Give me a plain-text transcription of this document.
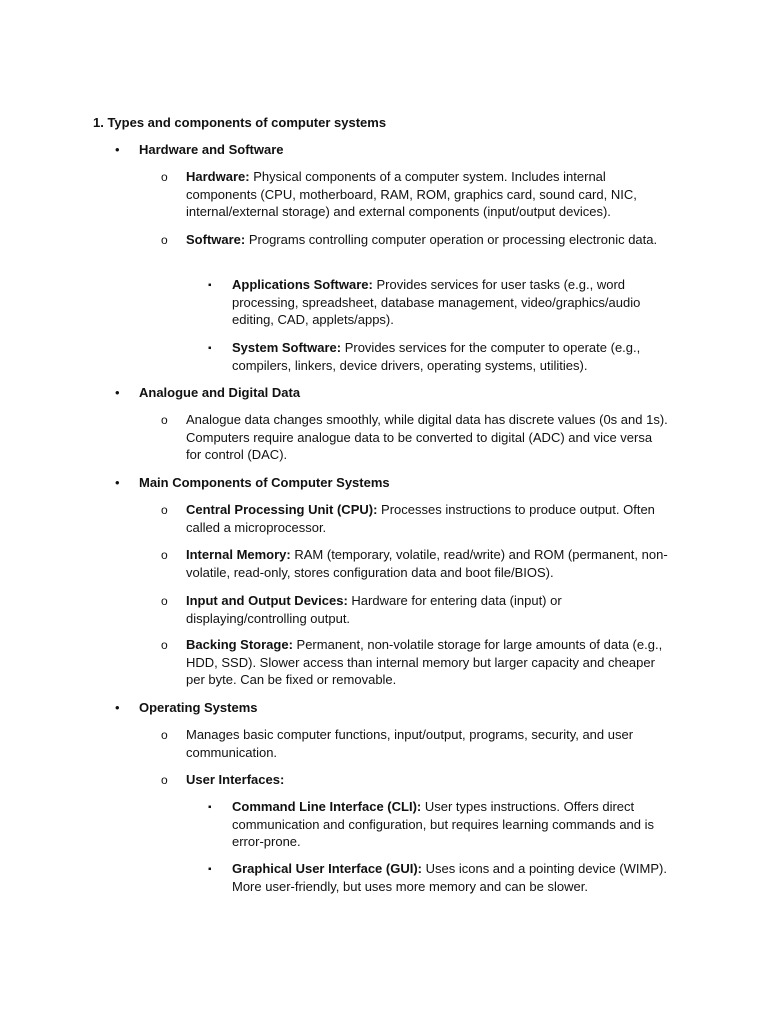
1. Types and components of computer systems
• Hardware and Software
o Hardware: Physical components of a computer system. Includes internal components (CPU, motherboard, RAM, ROM, graphics card, sound card, NIC, internal/external storage) and external components (input/output devices).
o Software: Programs controlling computer operation or processing electronic data.
▪ Applications Software: Provides services for user tasks (e.g., word processing, spreadsheet, database management, video/graphics/audio editing, CAD, applets/apps).
▪ System Software: Provides services for the computer to operate (e.g., compilers, linkers, device drivers, operating systems, utilities).
• Analogue and Digital Data
o Analogue data changes smoothly, while digital data has discrete values (0s and 1s). Computers require analogue data to be converted to digital (ADC) and vice versa for control (DAC).
• Main Components of Computer Systems
o Central Processing Unit (CPU): Processes instructions to produce output. Often called a microprocessor.
o Internal Memory: RAM (temporary, volatile, read/write) and ROM (permanent, non-volatile, read-only, stores configuration data and boot file/BIOS).
o Input and Output Devices: Hardware for entering data (input) or displaying/controlling output.
o Backing Storage: Permanent, non-volatile storage for large amounts of data (e.g., HDD, SSD). Slower access than internal memory but larger capacity and cheaper per byte. Can be fixed or removable.
• Operating Systems
o Manages basic computer functions, input/output, programs, security, and user communication.
o User Interfaces:
▪ Command Line Interface (CLI): User types instructions. Offers direct communication and configuration, but requires learning commands and is error-prone.
▪ Graphical User Interface (GUI): Uses icons and a pointing device (WIMP). More user-friendly, but uses more memory and can be slower.
